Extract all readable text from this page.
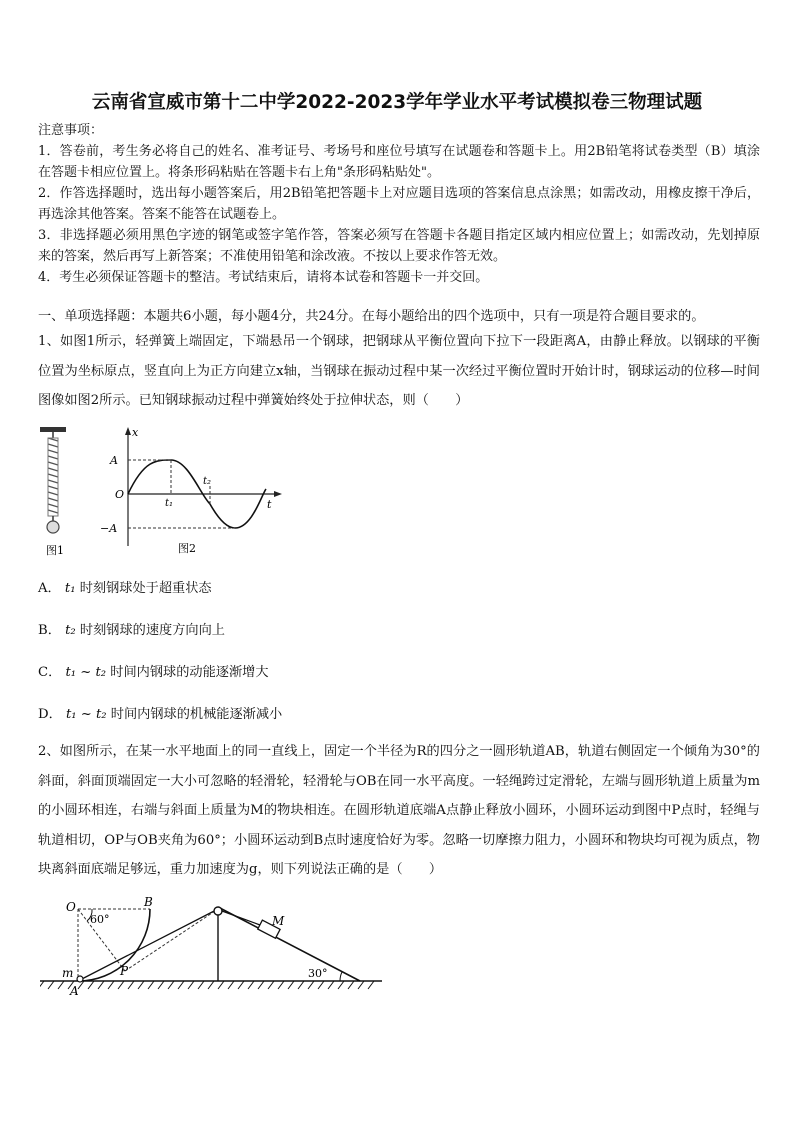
云南省宣威市第十二中学2022-2023学年学业水平考试模拟卷三物理试题

注意事项：

1．答卷前，考生务必将自己的姓名、准考证号、考场号和座位号填写在试题卷和答题卡上。用2B铅笔将试卷类型（B）填涂在答题卡相应位置上。将条形码粘贴在答题卡右上角"条形码粘贴处"。

2．作答选择题时，选出每小题答案后，用2B铅笔把答题卡上对应题目选项的答案信息点涂黑；如需改动，用橡皮擦干净后，再选涂其他答案。答案不能答在试题卷上。

3．非选择题必须用黑色字迹的钢笔或签字笔作答，答案必须写在答题卡各题目指定区域内相应位置上；如需改动，先划掉原来的答案，然后再写上新答案；不准使用铅笔和涂改液。不按以上要求作答无效。

4．考生必须保证答题卡的整洁。考试结束后，请将本试卷和答题卡一并交回。

一、单项选择题：本题共6小题，每小题4分，共24分。在每小题给出的四个选项中，只有一项是符合题目要求的。

1、如图1所示，轻弹簧上端固定，下端悬吊一个钢球，把钢球从平衡位置向下拉下一段距离A，由静止释放。以钢球的平衡位置为坐标原点，竖直向上为正方向建立x轴，当钢球在振动过程中某一次经过平衡位置时开始计时，钢球运动的位移—时间图像如图2所示。已知钢球振动过程中弹簧始终处于拉伸状态，则（　　）

图1
x
t
A
−A
O
t₁
t₂
图2
A． t₁ 时刻钢球处于超重状态
B． t₂ 时刻钢球的速度方向向上
C． t₁ ~ t₂ 时间内钢球的动能逐渐增大
D． t₁ ~ t₂ 时间内钢球的机械能逐渐减小

2、如图所示，在某一水平地面上的同一直线上，固定一个半径为R的四分之一圆形轨道AB，轨道右侧固定一个倾角为30°的斜面，斜面顶端固定一大小可忽略的轻滑轮，轻滑轮与OB在同一水平高度。一轻绳跨过定滑轮，左端与圆形轨道上质量为m的小圆环相连，右端与斜面上质量为M的物块相连。在圆形轨道底端A点静止释放小圆环，小圆环运动到图中P点时，轻绳与轨道相切，OP与OB夹角为60°；小圆环运动到B点时速度恰好为零。忽略一切摩擦力阻力，小圆环和物块均可视为质点，物块离斜面底端足够远，重力加速度为g，则下列说法正确的是（　　）

O	B
60°	M
m	P
A
30°
